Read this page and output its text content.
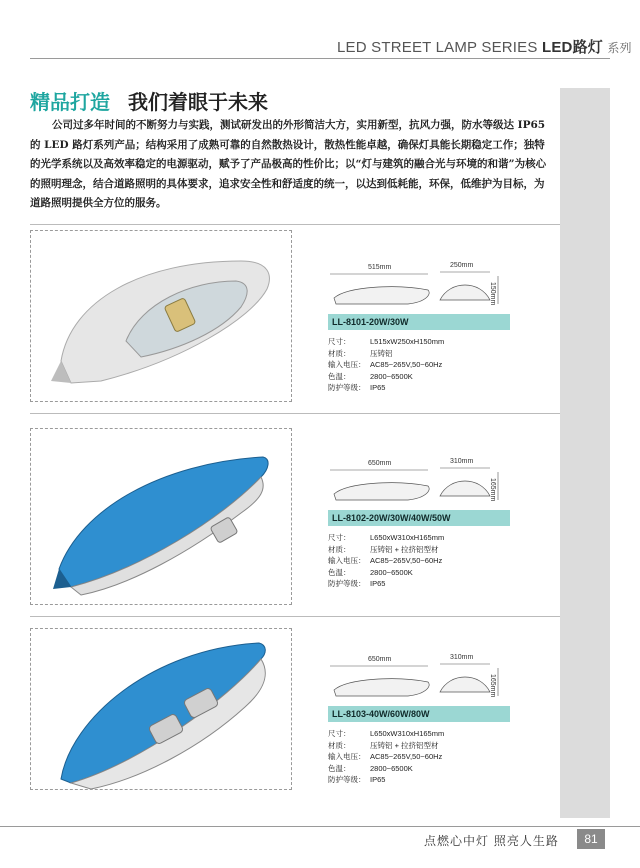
LED STREET LAMP SERIES LED路灯 系列
精品打造 我们着眼于未来
公司过多年时间的不断努力与实践，测试研发出的外形简洁大方，实用新型，抗风力强，防水等级达 IP65 的 LED 路灯系列产品；结构采用了成熟可靠的自然散热设计，散热性能卓越，确保灯具能长期稳定工作；独特的光学系统以及高效率稳定的电源驱动，赋予了产品极高的性价比；以“灯与建筑的融合光与环境的和谐”为核心的照明理念，结合道路照明的具体要求，追求安全性和舒适度的统一，以达到低耗能，环保，低维护为目标，为道路照明提供全方位的服务。
515mm	250mm
150mm
LL-8101-20W/30W
尺寸：	L515xW250xH150mm
材质：	压铸铝
输入电压： AC85~265V,50~60Hz
色温：	2800~6500K
防护等级： IP65
650mm	310mm
165mm
LL-8102-20W/30W/40W/50W
尺寸：	L650xW310xH165mm
材质：	压铸铝 + 拉挤铝型材
输入电压： AC85~265V,50~60Hz
色温：	2800~6500K
防护等级： IP65
650mm	310mm
165mm
LL-8103-40W/60W/80W
尺寸：	L650xW310xH165mm
材质：	压铸铝 + 拉挤铝型材
输入电压： AC85~265V,50~60Hz
色温：	2800~6500K
防护等级： IP65
点燃心中灯 照亮人生路	81
